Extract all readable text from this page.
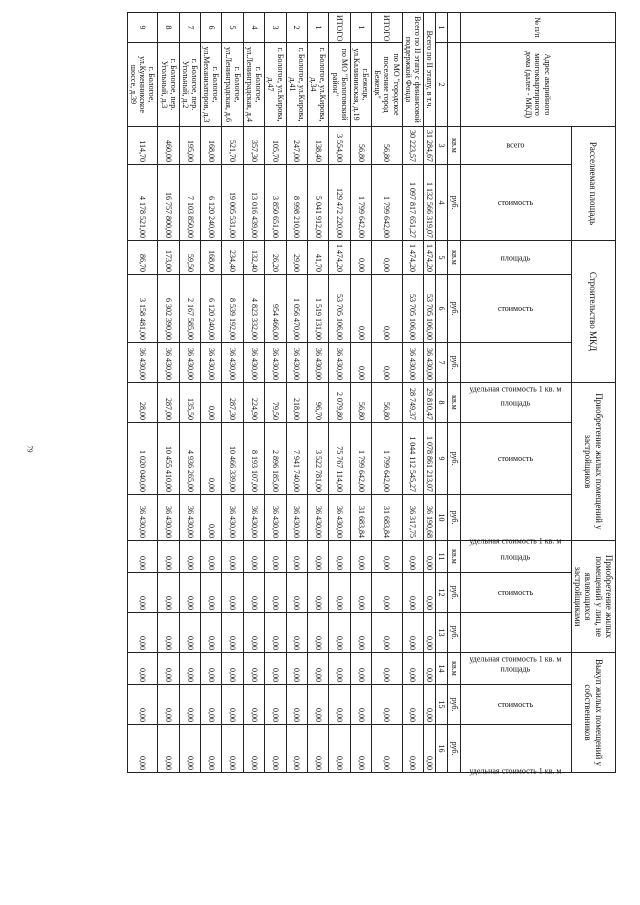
79
№ п/п	Адрес аварийного многоквартирного дома (далее - МКД)	Расселяемая площадь		Строительство МКД			Приобретение жилых помещений у застройщиков			Приобретение жилых помещений у лиц, не являющихся застройщиками			Выкуп жилых помещений у собственников		
		всего	стоимость	площадь	стоимость	удельная стоимость 1 кв. м	площадь	стоимость	удельная стоимость 1 кв. м	площадь	стоимость	удельная стоимость 1 кв. м	площадь	стоимость	удельная стоимость 1 кв. м
		кв.м	руб.	кв.м	руб.	руб.	кв.м	руб.	руб.	кв.м	руб.	руб.	кв.м	руб.	руб.
1	2	3	4	5	6	7	8	9	10	11	12	13	14	15	16
Всего по II этапу, в т.ч.		31 284,67	1 132 566 319,07	1 474,20	53 705 106,00	36 430,00	29 810,47	1 078 861 213,07	36 190,68	0,00	0,00	0,00	0,00	0,00	0,00
Всего по II этапу с финансовой поддержкой Фонда		30 223,57	1 097 817 651,27	1 474,20	53 705 106,00	36 430,00	28 749,37	1 044 112 545,27	36 317,75	0,00	0,00	0,00	0,00	0,00	0,00
ИТОГО	по МО "городское поселение город Бежецк"	56,80	1 799 642,00	0,00	0,00	0,00	56,80	1 799 642,00	31 683,84	0,00	0,00	0,00	0,00	0,00	0,00
1	г.Бежецк, ул.Калининская, д.19	56,80	1 799 642,00	0,00	0,00	0,00	56,80	1 799 642,00	31 683,84	0,00	0,00	0,00	0,00	0,00	0,00
ИТОГО	по МО "Бологовский район"	3 554,00	129 472 220,00	1 474,20	53 705 106,00	36 430,00	2 079,80	75 767 114,00	36 430,00	0,00	0,00	0,00	0,00	0,00	0,00
1	г. Бологое, ул.Кирова, д.34	138,40	5 041 912,00	41,70	1 519 131,00	36 430,00	96,70	3 522 781,00	36 430,00	0,00	0,00	0,00	0,00	0,00	0,00
2	г. Бологое, ул.Кирова, д.41	247,00	8 998 210,00	29,00	1 056 470,00	36 430,00	218,00	7 941 740,00	36 430,00	0,00	0,00	0,00	0,00	0,00	0,00
3	г. Бологое, ул.Кирова, д.47	105,70	3 850 651,00	26,20	954 466,00	36 430,00	79,50	2 896 185,00	36 430,00	0,00	0,00	0,00	0,00	0,00	0,00
4	г. Бологое, ул.Ленинградская, д.4	357,30	13 016 439,00	132,40	4 823 332,00	36 430,00	224,90	8 193 107,00	36 430,00	0,00	0,00	0,00	0,00	0,00	0,00
5	г. Бологое, ул.Ленинградская, д.6	521,70	19 005 531,00	234,40	8 539 192,00	36 430,00	287,30	10 466 339,00	36 430,00	0,00	0,00	0,00	0,00	0,00	0,00
6	г. Бологое, ул.Механизаторов, д.3	168,00	6 120 240,00	168,00	6 120 240,00	36 430,00	0,00	0,00	0,00	0,00	0,00	0,00	0,00	0,00	0,00
7	г. Бологое, пер. Угольный, д.2	195,00	7 103 850,00	59,50	2 167 585,00	36 430,00	135,50	4 936 265,00	36 430,00	0,00	0,00	0,00	0,00	0,00	0,00
8	г. Бологое, пер. Угольный, д.3	460,00	16 757 800,00	173,00	6 302 390,00	36 430,00	287,00	10 455 410,00	36 430,00	0,00	0,00	0,00	0,00	0,00	0,00
9	г. Бологое, ул.Кукенникское шоссе, д.39	114,70	4 178 521,00	86,70	3 158 481,00	36 430,00	28,00	1 020 040,00	36 430,00	0,00	0,00	0,00	0,00	0,00	0,00
